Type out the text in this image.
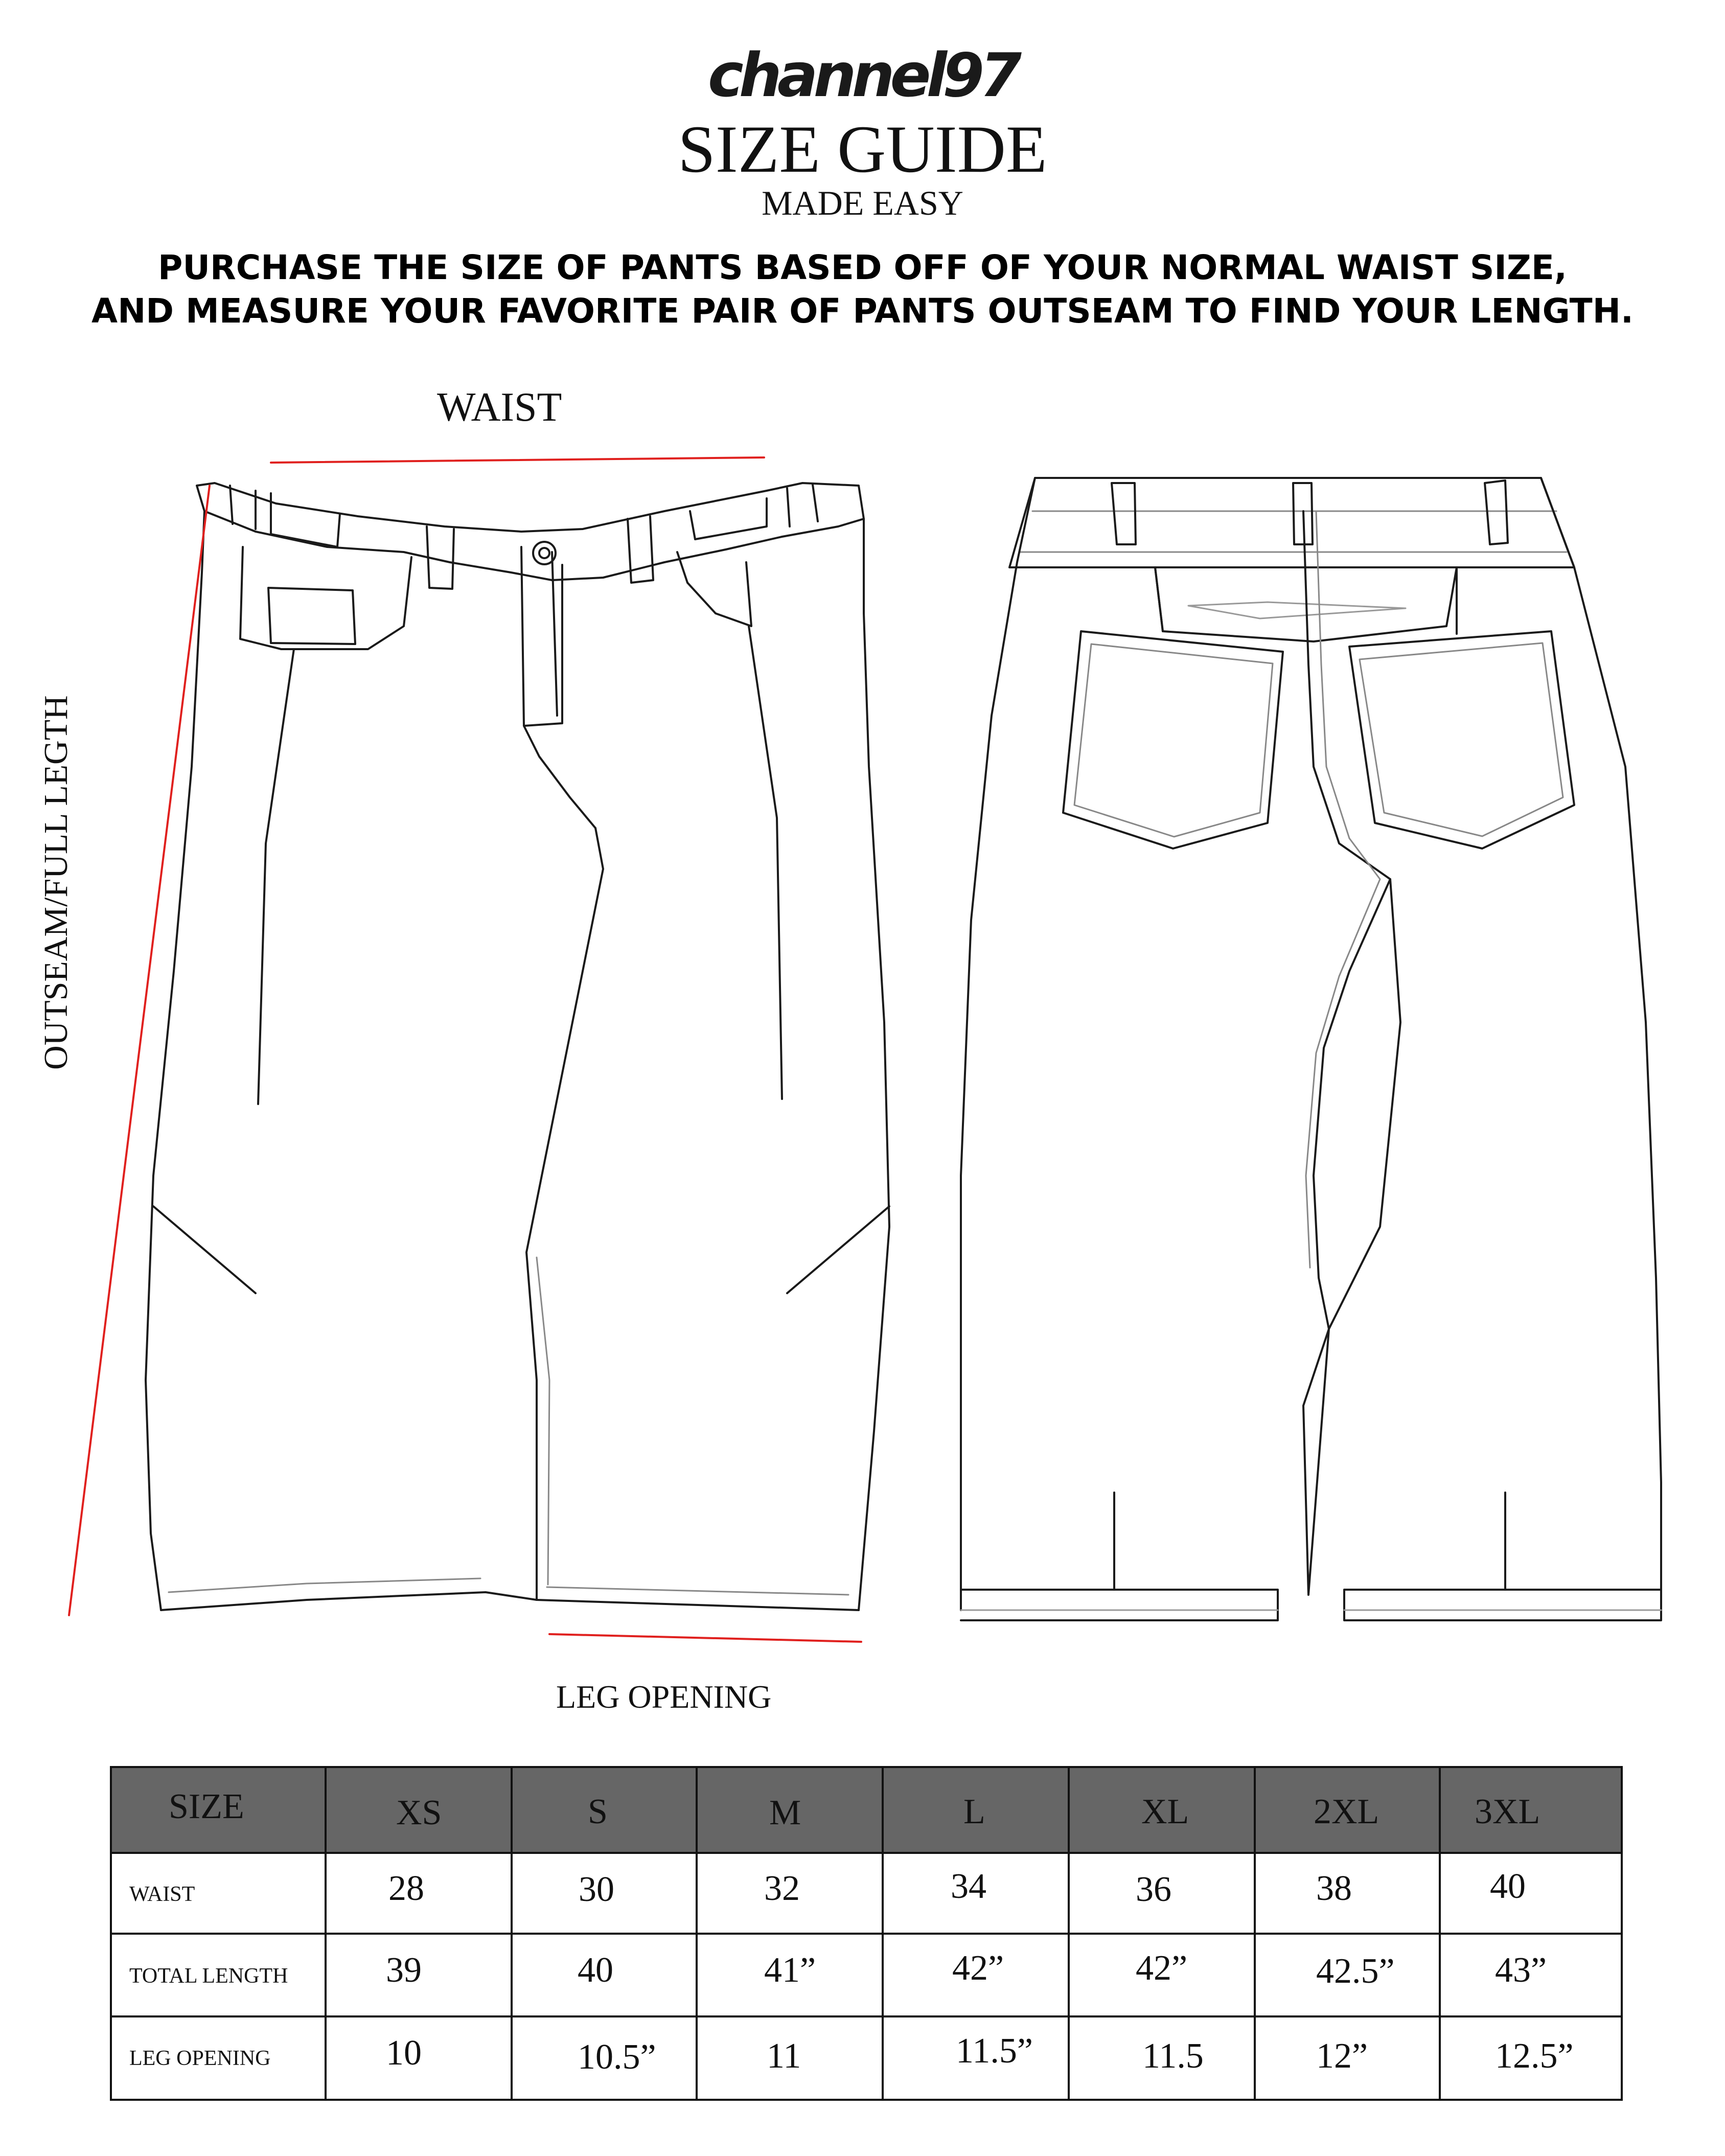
channel97
SIZE GUIDE
MADE EASY
PURCHASE THE SIZE OF PANTS BASED OFF OF YOUR NORMAL WAIST SIZE,
AND MEASURE YOUR FAVORITE PAIR OF PANTS OUTSEAM TO FIND YOUR LENGTH.
WAIST
OUTSEAM/FULL LEGTH
LEG OPENING
SIZE	XS	S	M	L	XL	2XL	3XL
WAIST	28	30	32	34	36	38	40
TOTAL LENGTH	39	40	41”	42”	42”	42.5”	43”
LEG OPENING	10	10.5”	11	11.5”	11.5	12”	12.5”
